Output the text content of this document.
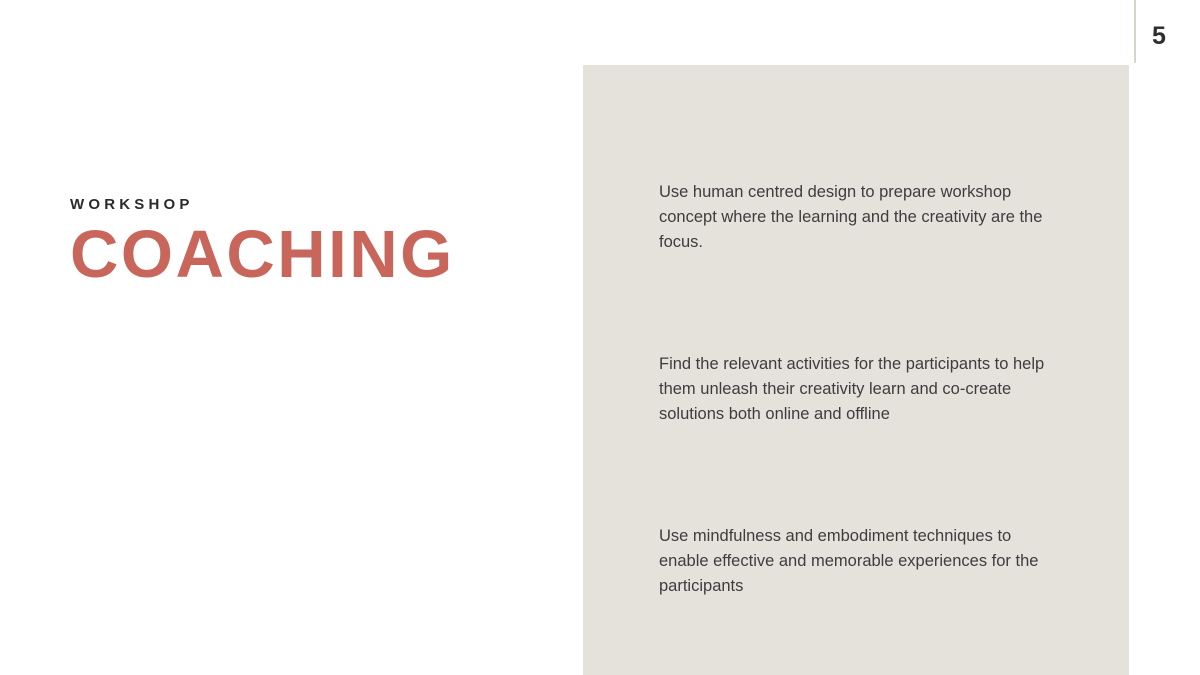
5
WORKSHOP
COACHING

Use human centred design to prepare workshop concept where the learning and the creativity are the focus.

Find the relevant activities for the participants to help them unleash their creativity learn and co-create solutions both online and offline

Use mindfulness and embodiment techniques to enable effective and memorable experiences for the participants
